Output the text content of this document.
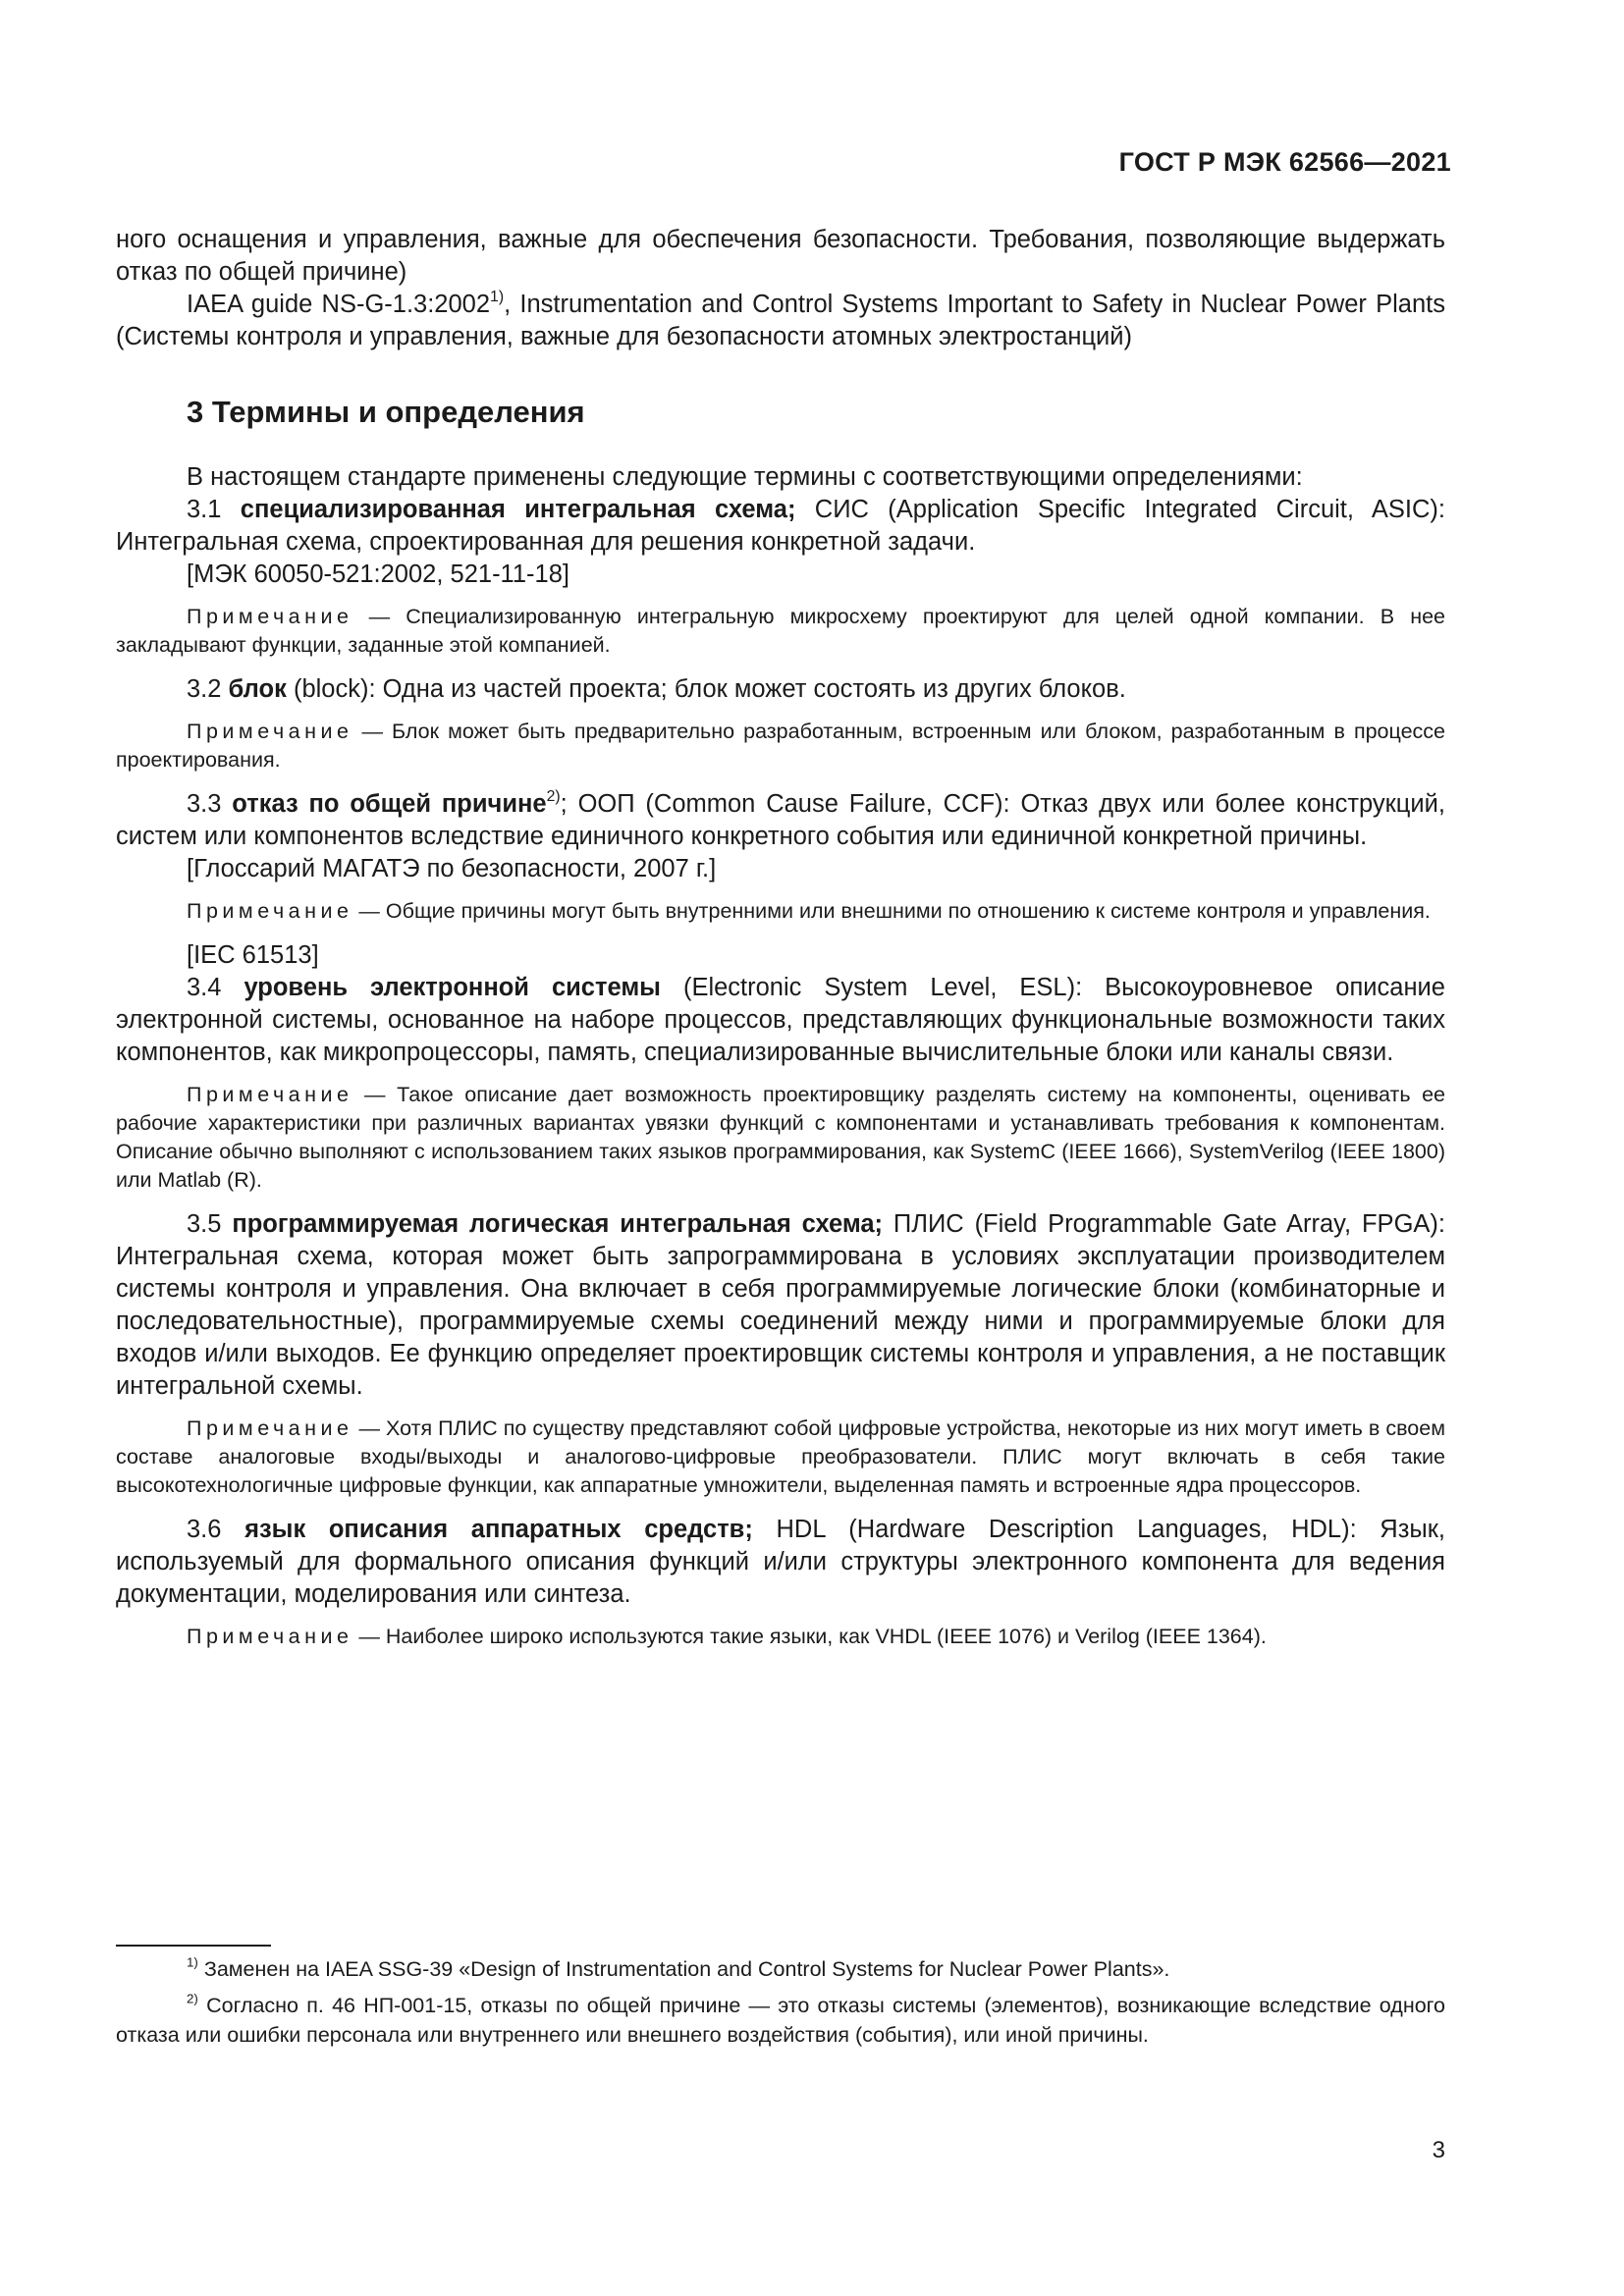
ГОСТ Р МЭК 62566—2021

ного оснащения и управления, важные для обеспечения безопасности. Требования, позволяющие выдержать отказ по общей причине)

IAEA guide NS-G-1.3:2002$^{1)}$, Instrumentation and Control Systems Important to Safety in Nuclear Power Plants (Системы контроля и управления, важные для безопасности атомных электростанций)

3 Термины и определения

В настоящем стандарте применены следующие термины с соответствующими определениями:

3.1 специализированная интегральная схема; СИС (Application Specific Integrated Circuit, ASIC): Интегральная схема, спроектированная для решения конкретной задачи.

[МЭК 60050-521:2002, 521-11-18]

Примечание — Специализированную интегральную микросхему проектируют для целей одной компании. В нее закладывают функции, заданные этой компанией.

3.2 блок (block): Одна из частей проекта; блок может состоять из других блоков.

Примечание — Блок может быть предварительно разработанным, встроенным или блоком, разработанным в процессе проектирования.

3.3 отказ по общей причине$^{2)}$; ООП (Common Cause Failure, CCF): Отказ двух или более конструкций, систем или компонентов вследствие единичного конкретного события или единичной конкретной причины.

[Глоссарий МАГАТЭ по безопасности, 2007 г.]

Примечание — Общие причины могут быть внутренними или внешними по отношению к системе контроля и управления.

[IEC 61513]

3.4 уровень электронной системы (Electronic System Level, ESL): Высокоуровневое описание электронной системы, основанное на наборе процессов, представляющих функциональные возможности таких компонентов, как микропроцессоры, память, специализированные вычислительные блоки или каналы связи.

Примечание — Такое описание дает возможность проектировщику разделять систему на компоненты, оценивать ее рабочие характеристики при различных вариантах увязки функций с компонентами и устанавливать требования к компонентам. Описание обычно выполняют с использованием таких языков программирования, как SystemC (IEEE 1666), SystemVerilog (IEEE 1800) или Matlab (R).

3.5 программируемая логическая интегральная схема; ПЛИС (Field Programmable Gate Array, FPGA): Интегральная схема, которая может быть запрограммирована в условиях эксплуатации производителем системы контроля и управления. Она включает в себя программируемые логические блоки (комбинаторные и последовательностные), программируемые схемы соединений между ними и программируемые блоки для входов и/или выходов. Ее функцию определяет проектировщик системы контроля и управления, а не поставщик интегральной схемы.

Примечание — Хотя ПЛИС по существу представляют собой цифровые устройства, некоторые из них могут иметь в своем составе аналоговые входы/выходы и аналогово-цифровые преобразователи. ПЛИС могут включать в себя такие высокотехнологичные цифровые функции, как аппаратные умножители, выделенная память и встроенные ядра процессоров.

3.6 язык описания аппаратных средств; HDL (Hardware Description Languages, HDL): Язык, используемый для формального описания функций и/или структуры электронного компонента для ведения документации, моделирования или синтеза.

Примечание — Наиболее широко используются такие языки, как VHDL (IEEE 1076) и Verilog (IEEE 1364).

$^{1)}$ Заменен на IAEA SSG-39 «Design of Instrumentation and Control Systems for Nuclear Power Plants».

$^{2)}$ Согласно п. 46 НП-001-15, отказы по общей причине — это отказы системы (элементов), возникающие вследствие одного отказа или ошибки персонала или внутреннего или внешнего воздействия (события), или иной причины.

3
